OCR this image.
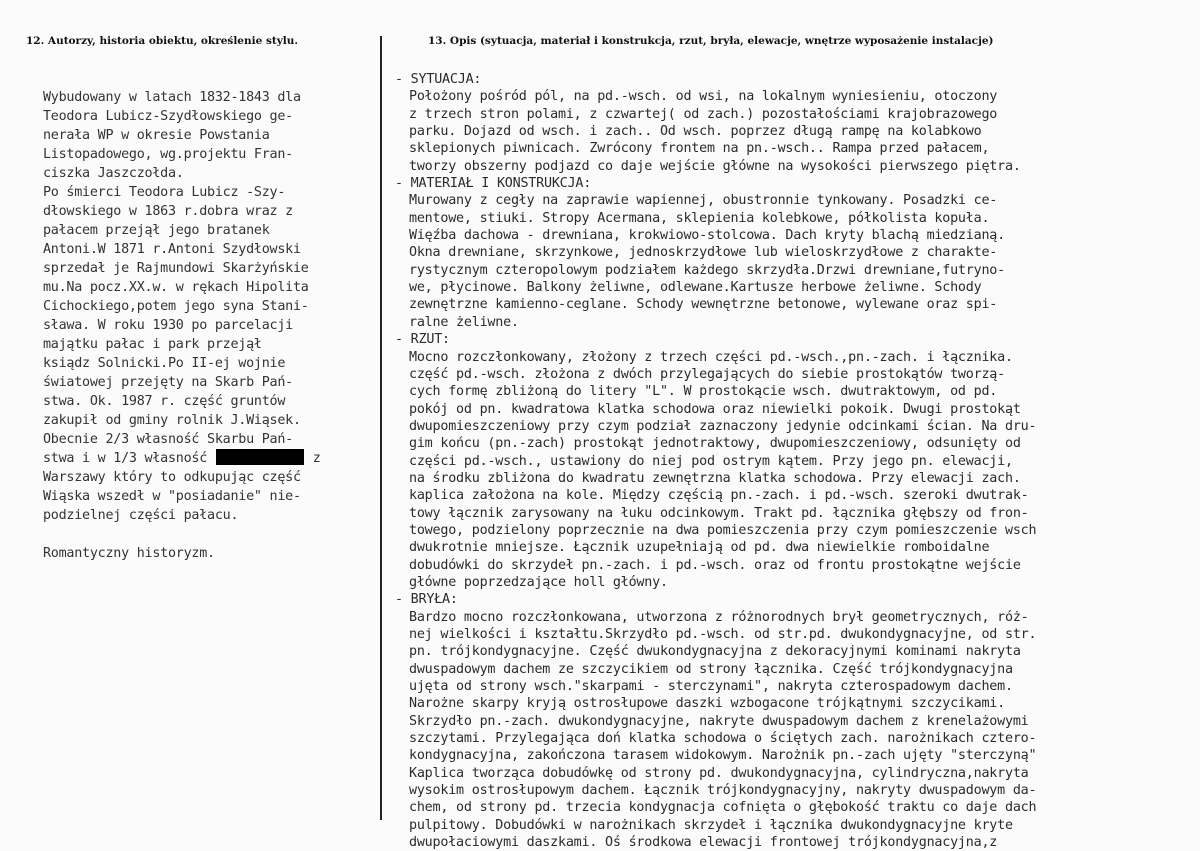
12. Autorzy, historia obiektu, określenie stylu.	13. Opis (sytuacja, materiał i konstrukcja, rzut, bryła, elewacje, wnętrze wyposażenie instalacje)
Wybudowany w latach 1832-1843 dla
Teodora Lubicz-Szydłowskiego ge-
nerała WP w okresie Powstania
Listopadowego, wg.projektu Fran-
ciszka Jaszczołda.
Po śmierci Teodora Lubicz -Szy-
dłowskiego w 1863 r.dobra wraz z
pałacem przejął jego bratanek
Antoni.W 1871 r.Antoni Szydłowski
sprzedał je Rajmundowi Skarżyńskie
mu.Na pocz.XX.w. w rękach Hipolita
Cichockiego,potem jego syna Stani-
sława. W roku 1930 po parcelacji
majątku pałac i park przejął
ksiądz Solnicki.Po II-ej wojnie
światowej przejęty na Skarb Pań-
stwa. Ok. 1987 r. część gruntów
zakupił od gminy rolnik J.Wiąsek.
Obecnie 2/3 własność Skarbu Pań-
stwa i w 1/3 własność	z
Warszawy który to odkupując część
Wiąska wszedł w "posiadanie" nie-
podzielnej części pałacu.
Romantyczny historyzm.
- SYTUACJA:
Położony pośród pól, na pd.-wsch. od wsi, na lokalnym wyniesieniu, otoczony
z trzech stron polami, z czwartej( od zach.) pozostałościami krajobrazowego
parku. Dojazd od wsch. i zach.. Od wsch. poprzez długą rampę na kolabkowo
sklepionych piwnicach. Zwrócony frontem na pn.-wsch.. Rampa przed pałacem,
tworzy obszerny podjazd co daje wejście główne na wysokości pierwszego piętra.
- MATERIAŁ I KONSTRUKCJA:
Murowany z cegły na zaprawie wapiennej, obustronnie tynkowany. Posadzki ce-
mentowe, stiuki. Stropy Acermana, sklepienia kolebkowe, półkolista kopuła.
Więźba dachowa - drewniana, krokwiowo-stolcowa. Dach kryty blachą miedzianą.
Okna drewniane, skrzynkowe, jednoskrzydłowe lub wieloskrzydłowe z charakte-
rystycznym czteropolowym podziałem każdego skrzydła.Drzwi drewniane,futryno-
we, płycinowe. Balkony żeliwne, odlewane.Kartusze herbowe żeliwne. Schody
zewnętrzne kamienno-ceglane. Schody wewnętrzne betonowe, wylewane oraz spi-
ralne żeliwne.
- RZUT:
Mocno rozczłonkowany, złożony z trzech części pd.-wsch.,pn.-zach. i łącznika.
część pd.-wsch. złożona z dwóch przylegających do siebie prostokątów tworzą-
cych formę zbliżoną do litery "L". W prostokącie wsch. dwutraktowym, od pd.
pokój od pn. kwadratowa klatka schodowa oraz niewielki pokoik. Dwugi prostokąt
dwupomieszczeniowy przy czym podział zaznaczony jedynie odcinkami ścian. Na dru-
gim końcu (pn.-zach) prostokąt jednotraktowy, dwupomieszczeniowy, odsunięty od
części pd.-wsch., ustawiony do niej pod ostrym kątem. Przy jego pn. elewacji,
na środku zbliżona do kwadratu zewnętrzna klatka schodowa. Przy elewacji zach.
kaplica założona na kole. Między częścią pn.-zach. i pd.-wsch. szeroki dwutrak-
towy łącznik zarysowany na łuku odcinkowym. Trakt pd. łącznika głębszy od fron-
towego, podzielony poprzecznie na dwa pomieszczenia przy czym pomieszczenie wsch
dwukrotnie mniejsze. Łącznik uzupełniają od pd. dwa niewielkie romboidalne
dobudówki do skrzydeł pn.-zach. i pd.-wsch. oraz od frontu prostokątne wejście
główne poprzedzające holl główny.
- BRYŁA:
Bardzo mocno rozczłonkowana, utworzona z różnorodnych brył geometrycznych, róż-
nej wielkości i kształtu.Skrzydło pd.-wsch. od str.pd. dwukondygnacyjne, od str.
pn. trójkondygnacyjne. Część dwukondygnacyjna z dekoracyjnymi kominami nakryta
dwuspadowym dachem ze szczycikiem od strony łącznika. Część trójkondygnacyjna
ujęta od strony wsch."skarpami - sterczynami", nakryta czterospadowym dachem.
Narożne skarpy kryją ostrosłupowe daszki wzbogacone trójkątnymi szczycikami.
Skrzydło pn.-zach. dwukondygnacyjne, nakryte dwuspadowym dachem z krenelażowymi
szczytami. Przylegająca doń klatka schodowa o ściętych zach. narożnikach cztero-
kondygnacyjna, zakończona tarasem widokowym. Narożnik pn.-zach ujęty "sterczyną"
Kaplica tworząca dobudówkę od strony pd. dwukondygnacyjna, cylindryczna,nakryta
wysokim ostrosłupowym dachem. Łącznik trójkondygnacyjny, nakryty dwuspadowym da-
chem, od strony pd. trzecia kondygnacja cofnięta o głębokość traktu co daje dach
pulpitowy. Dobudówki w narożnikach skrzydeł i łącznika dwukondygnacyjne kryte
dwupołaciowymi daszkami. Oś środkowa elewacji frontowej trójkondygnacyjna,z
